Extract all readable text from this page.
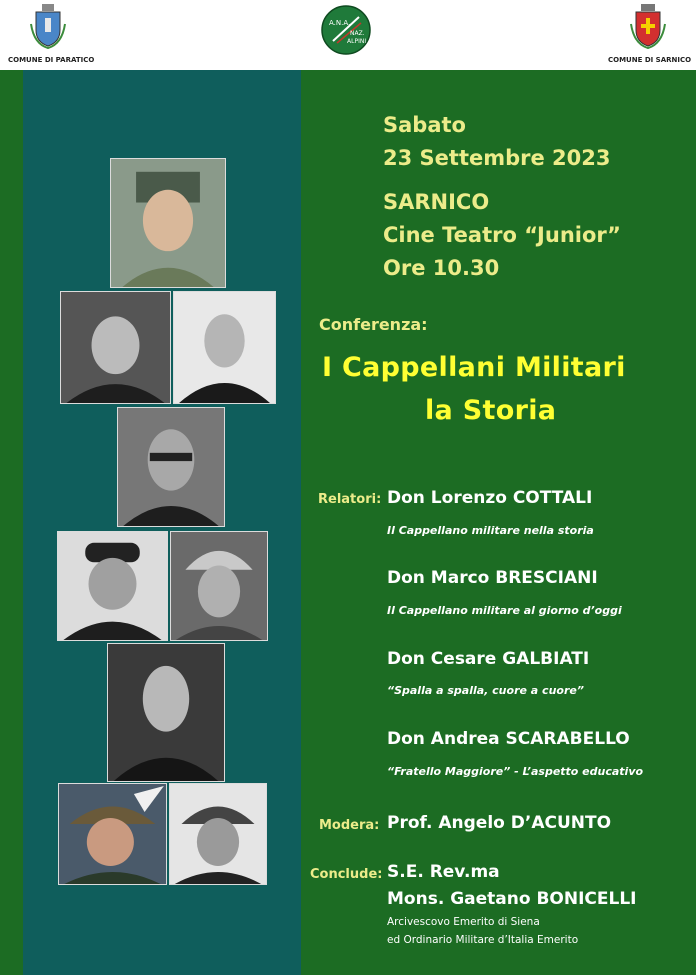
COMUNE DI PARATICO
A.N.A.
NAZ.
ALPINI
COMUNE DI SARNICO
Sabato
23 Settembre 2023
SARNICO
Cine Teatro “Junior”
Ore 10.30
Conferenza:
I Cappellani Militari
la Storia
Relatori: Don Lorenzo COTTALI
Il Cappellano militare nella storia
Don Marco BRESCIANI
Il Cappellano militare al giorno d’oggi
Don Cesare GALBIATI
“Spalla a spalla, cuore a cuore”
Don Andrea SCARABELLO
“Fratello Maggiore” - L’aspetto educativo
Modera: Prof. Angelo D’ACUNTO
Conclude: S.E. Rev.ma
Mons. Gaetano BONICELLI
Arcivescovo Emerito di Siena
ed Ordinario Militare d’Italia Emerito
